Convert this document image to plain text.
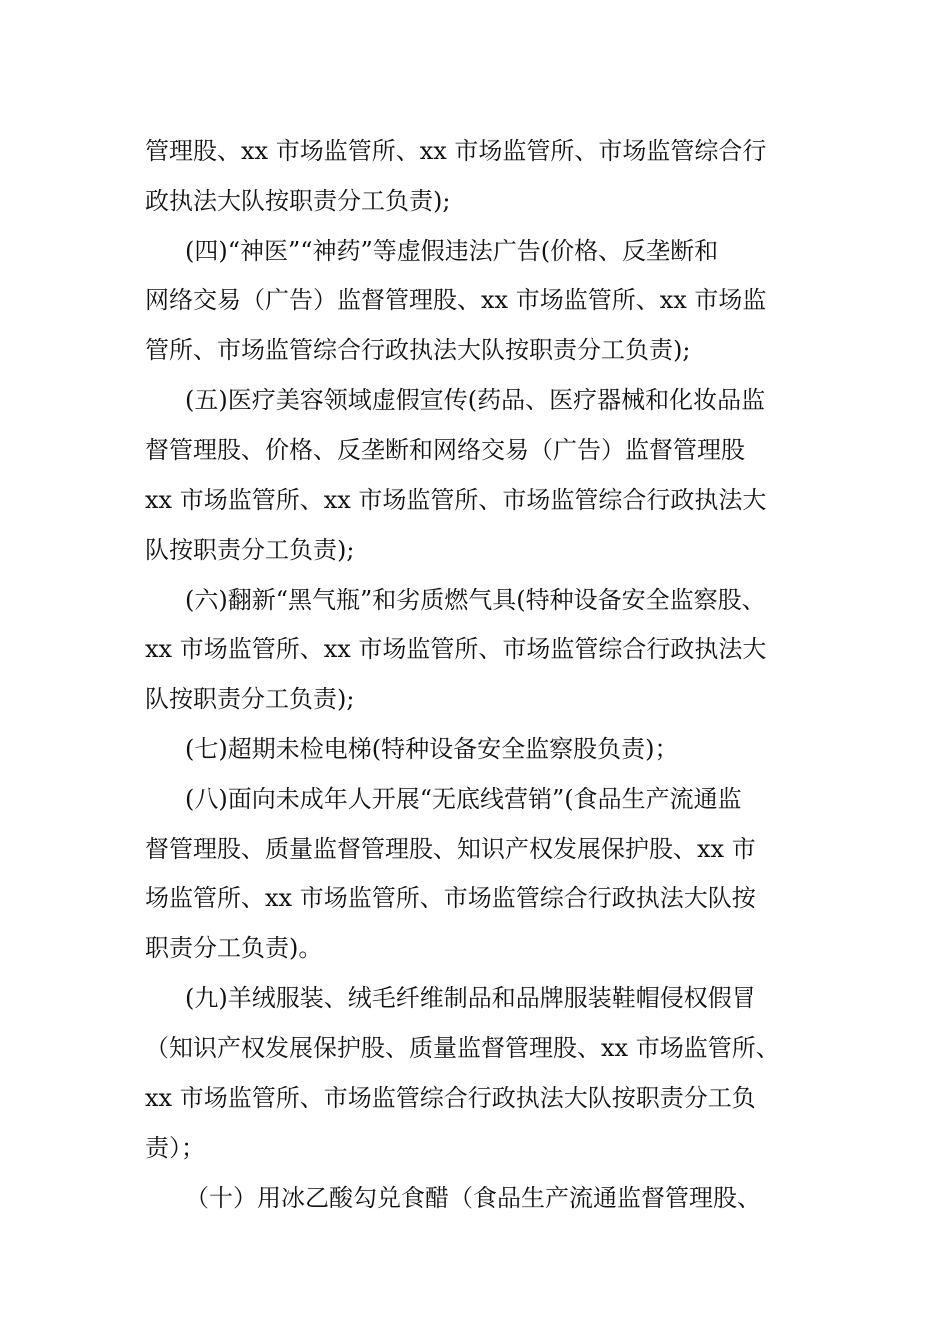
管理股、xx 市场监管所、xx 市场监管所、市场监管综合行
政执法大队按职责分工负责);
(四)“神医”“神药”等虚假违法广告(价格、反垄断和
网络交易（广告）监督管理股、xx 市场监管所、xx 市场监
管所、市场监管综合行政执法大队按职责分工负责);
(五)医疗美容领域虚假宣传(药品、医疗器械和化妆品监
督管理股、价格、反垄断和网络交易（广告）监督管理股
xx 市场监管所、xx 市场监管所、市场监管综合行政执法大
队按职责分工负责);
(六)翻新“黑气瓶”和劣质燃气具(特种设备安全监察股、
xx 市场监管所、xx 市场监管所、市场监管综合行政执法大
队按职责分工负责);
(七)超期未检电梯(特种设备安全监察股负责)；
(八)面向未成年人开展“无底线营销”(食品生产流通监
督管理股、质量监督管理股、知识产权发展保护股、xx 市
场监管所、xx 市场监管所、市场监管综合行政执法大队按
职责分工负责)。
(九)羊绒服装、绒毛纤维制品和品牌服装鞋帽侵权假冒
（知识产权发展保护股、质量监督管理股、xx 市场监管所、
xx 市场监管所、市场监管综合行政执法大队按职责分工负
责）；
（十）用冰乙酸勾兑食醋（食品生产流通监督管理股、
